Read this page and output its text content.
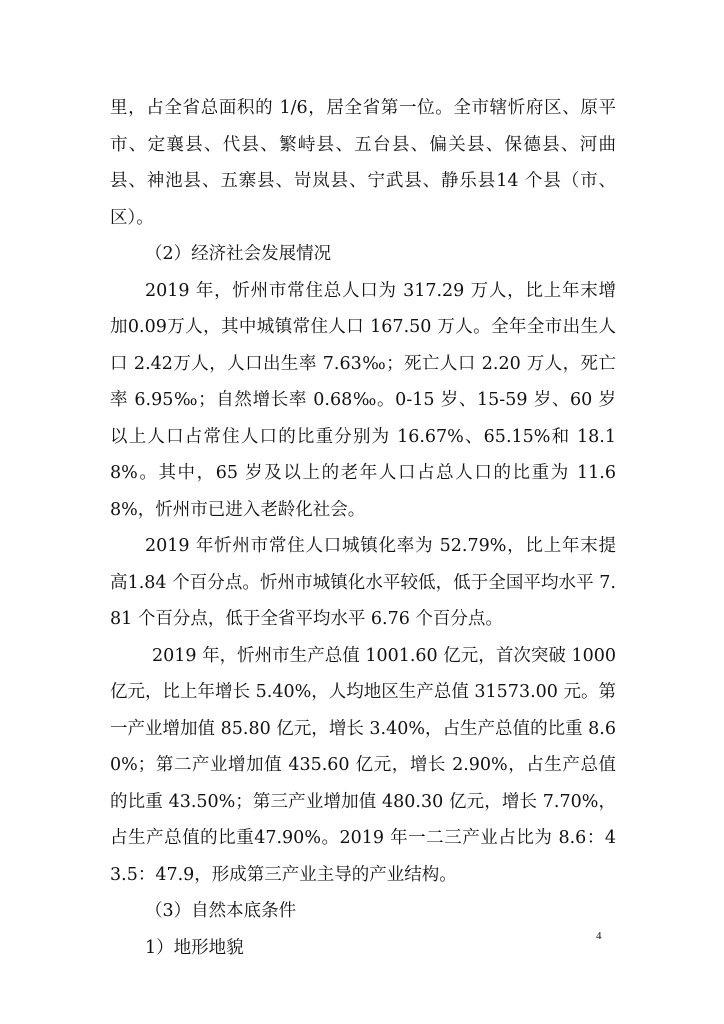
里，占全省总面积的 1/6，居全省第一位。全市辖忻府区、原平市、定襄县、代县、繁峙县、五台县、偏关县、保德县、河曲县、神池县、五寨县、岢岚县、宁武县、静乐县14 个县（市、区）。

（2）经济社会发展情况

2019 年，忻州市常住总人口为 317.29 万人，比上年末增加0.09万人，其中城镇常住人口 167.50 万人。全年全市出生人口 2.42万人，人口出生率 7.63‰；死亡人口 2.20 万人，死亡率 6.95‰；自然增长率 0.68‰。0-15 岁、15-59 岁、60 岁以上人口占常住人口的比重分别为 16.67%、65.15%和 18.18%。其中，65 岁及以上的老年人口占总人口的比重为 11.68%，忻州市已进入老龄化社会。

2019 年忻州市常住人口城镇化率为 52.79%，比上年末提高1.84 个百分点。忻州市城镇化水平较低，低于全国平均水平 7.81 个百分点，低于全省平均水平 6.76 个百分点。

2019 年，忻州市生产总值 1001.60 亿元，首次突破 1000 亿元，比上年增长 5.40%，人均地区生产总值 31573.00 元。第一产业增加值 85.80 亿元，增长 3.40%，占生产总值的比重 8.60%；第二产业增加值 435.60 亿元，增长 2.90%，占生产总值的比重 43.50%；第三产业增加值 480.30 亿元，增长 7.70%，占生产总值的比重47.90%。2019 年一二三产业占比为 8.6：43.5：47.9，形成第三产业主导的产业结构。

（3）自然本底条件

1）地形地貌

4
